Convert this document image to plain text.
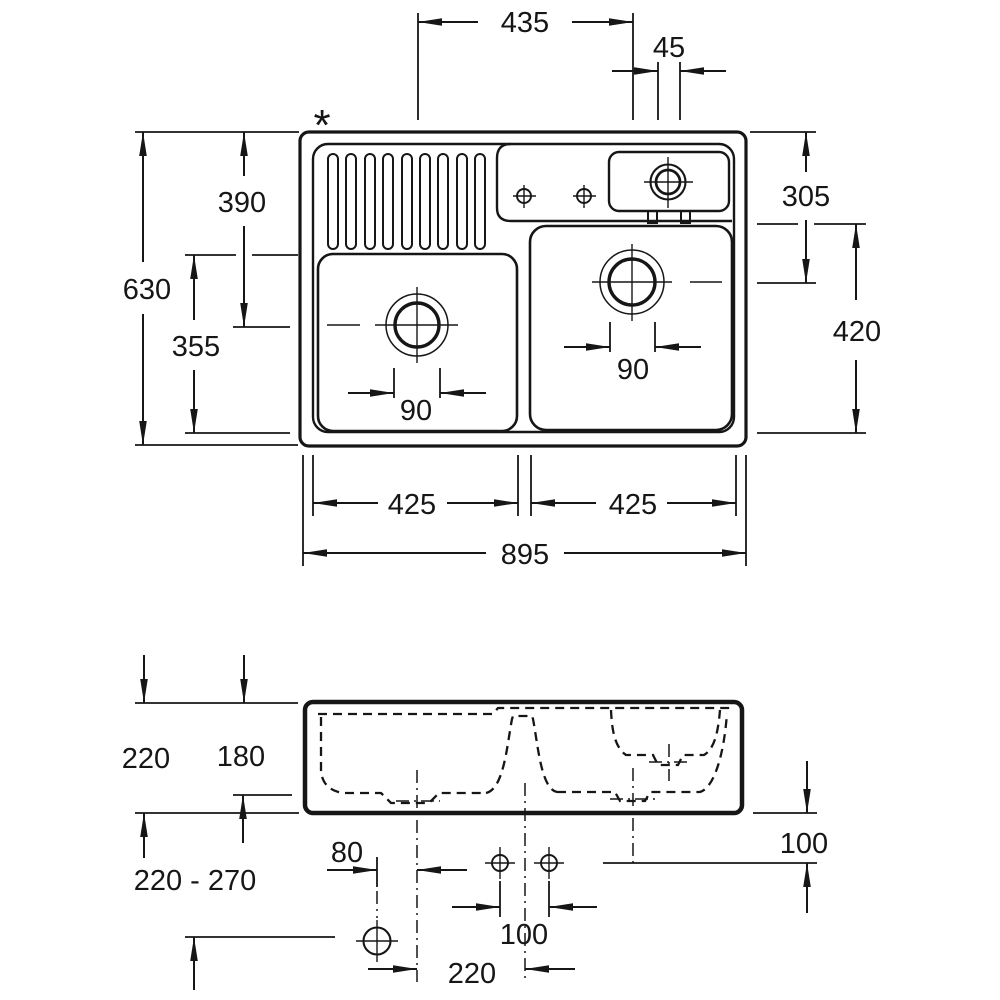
*
435
45
630
390
355
305
420
90
90
425	425
895
220 180
220 - 270
80
100
220
100
